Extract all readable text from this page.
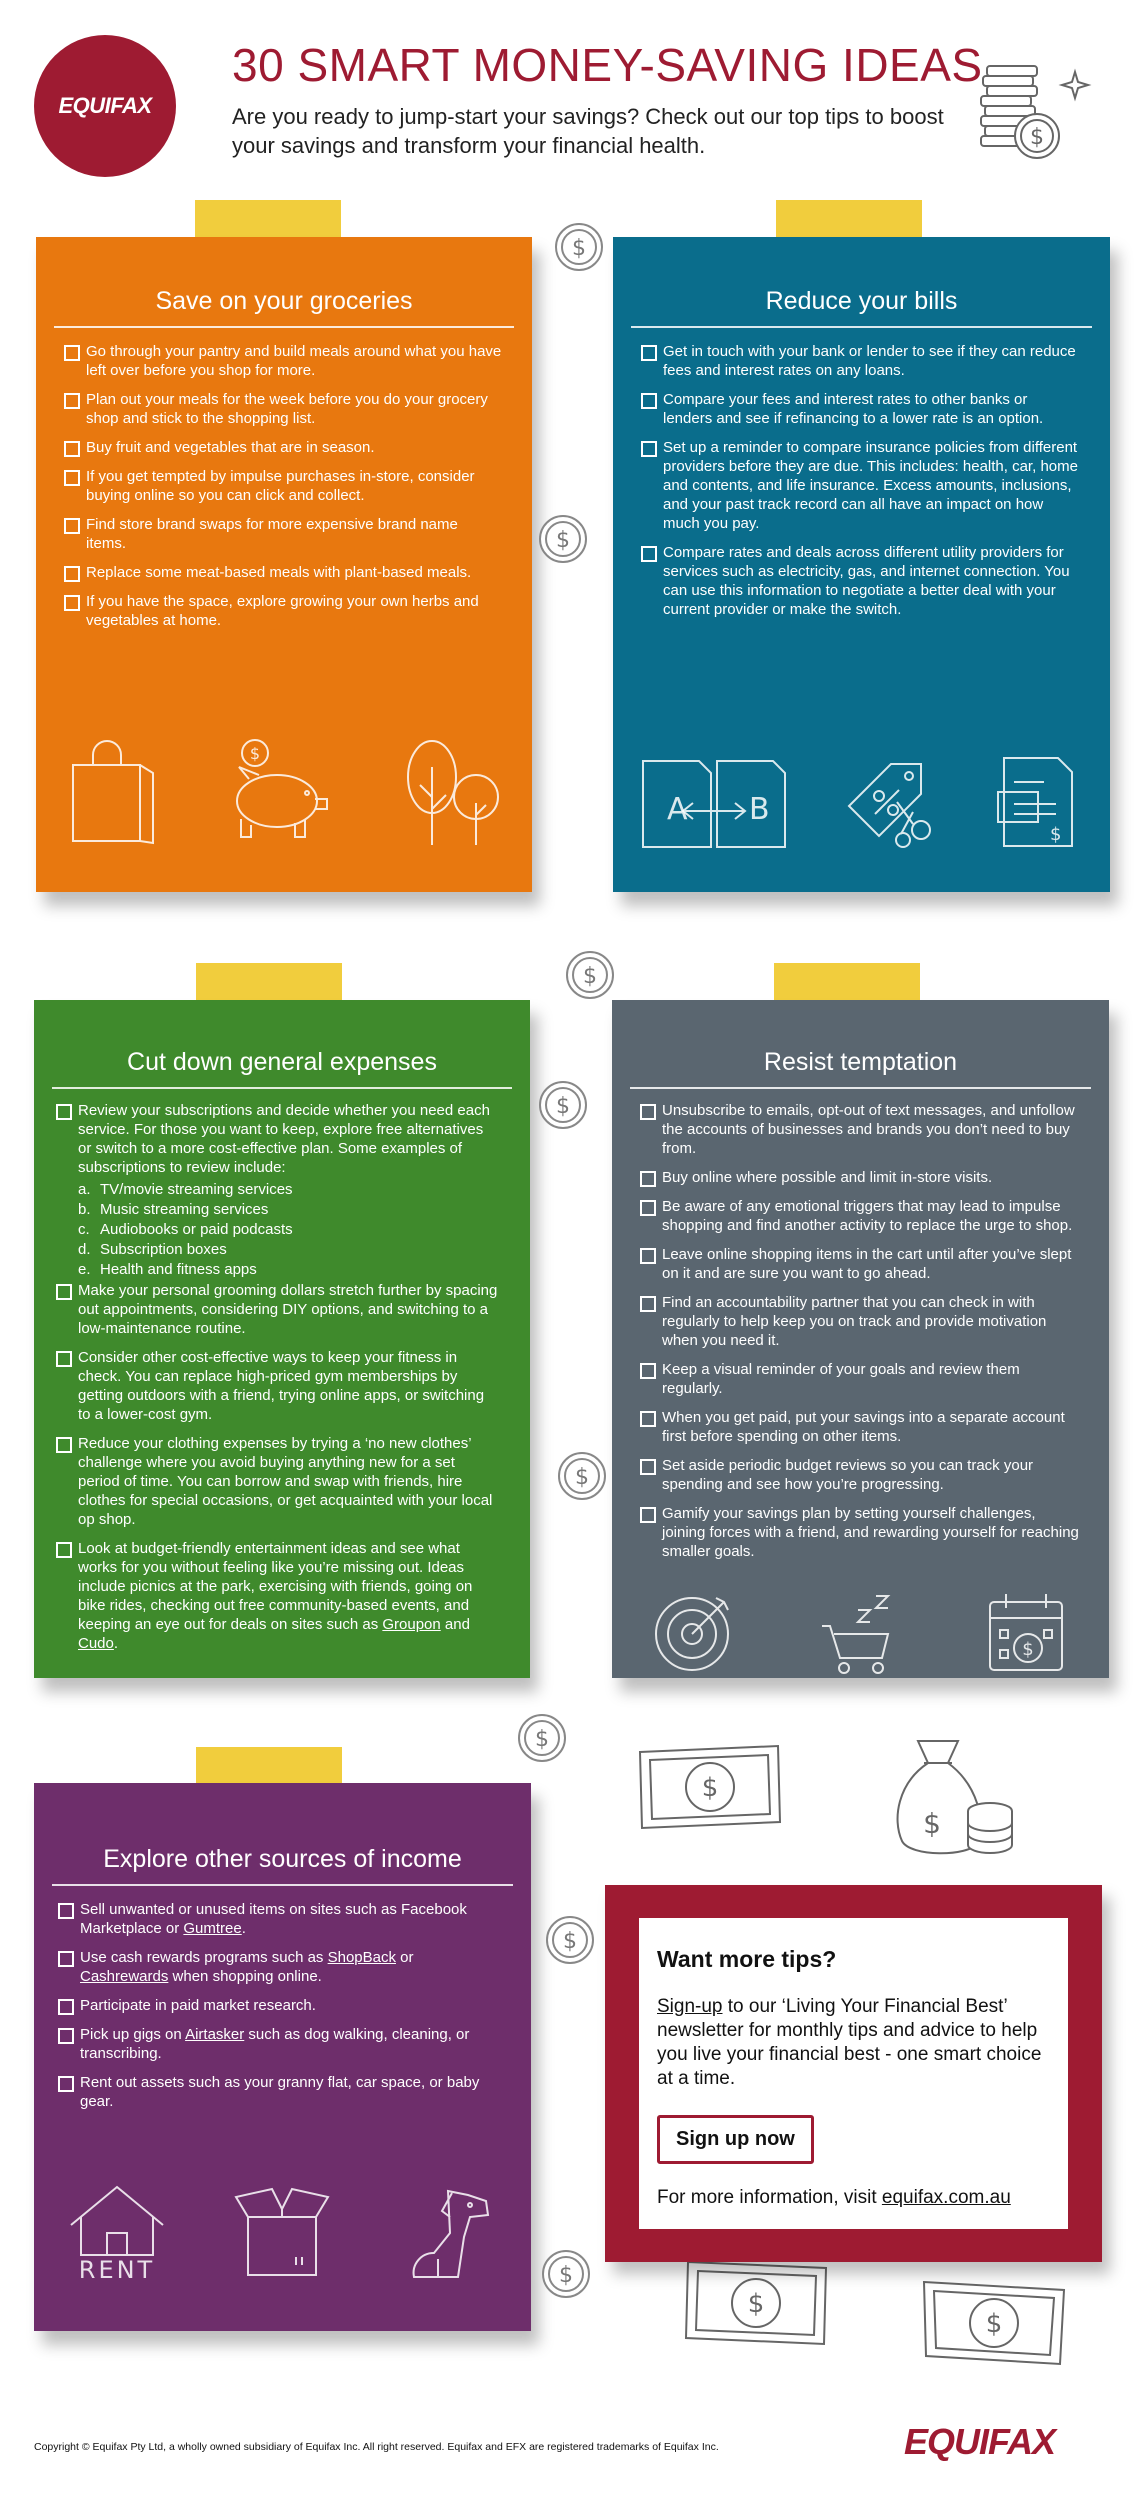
EQUIFAX
30 SMART MONEY-SAVING IDEAS
Are you ready to jump-start your savings? Check out our top tips to boost your savings and transform your financial health.	$
Save on your groceries
Go through your pantry and build meals around what you have left over before you shop for more.
Plan out your meals for the week before you do your grocery shop and stick to the shopping list.
Buy fruit and vegetables that are in season.
If you get tempted by impulse purchases in-store, consider buying online so you can click and collect.
Find store brand swaps for more expensive brand name items.
Replace some meat-based meals with plant-based meals.
If you have the space, explore growing your own herbs and vegetables at home.
$
Reduce your bills
Get in touch with your bank or lender to see if they can reduce fees and interest rates on any loans.
Compare your fees and interest rates to other banks or lenders and see if refinancing to a lower rate is an option.
Set up a reminder to compare insurance policies from different providers before they are due. This includes: health, car, home and contents, and life insurance. Excess amounts, inclusions, and your past track record can all have an impact on how much you pay.
Compare rates and deals across different utility providers for services such as electricity, gas, and internet connection. You can use this information to negotiate a better deal with your current provider or make the switch.
A B
$
Cut down general expenses
Review your subscriptions and decide whether you need each service. For those you want to keep, explore free alternatives or switch to a more cost-effective plan. Some examples of subscriptions to review include:
a. TV/movie streaming services
b. Music streaming services
c. Audiobooks or paid podcasts
d. Subscription boxes
e. Health and fitness apps
Make your personal grooming dollars stretch further by spacing out appointments, considering DIY options, and switching to a low-maintenance routine.
Consider other cost-effective ways to keep your fitness in check. You can replace high-priced gym memberships by getting outdoors with a friend, trying online apps, or switching to a lower-cost gym.
Reduce your clothing expenses by trying a ‘no new clothes’ challenge where you avoid buying anything new for a set period of time. You can borrow and swap with friends, hire clothes for special occasions, or get acquainted with your local op shop.
Look at budget-friendly entertainment ideas and see what works for you without feeling like you’re missing out. Ideas include picnics at the park, exercising with friends, going on bike rides, checking out free community-based events, and keeping an eye out for deals on sites such as Groupon and Cudo.
Resist temptation
Unsubscribe to emails, opt-out of text messages, and unfollow the accounts of businesses and brands you don’t need to buy from.
Buy online where possible and limit in-store visits.
Be aware of any emotional triggers that may lead to impulse shopping and find another activity to replace the urge to shop.
Leave online shopping items in the cart until after you’ve slept on it and are sure you want to go ahead.
Find an accountability partner that you can check in with regularly to help keep you on track and provide motivation when you need it.
Keep a visual reminder of your goals and review them regularly.
When you get paid, put your savings into a separate account first before spending on other items.
Set aside periodic budget reviews so you can track your spending and see how you’re progressing.
Gamify your savings plan by setting yourself challenges, joining forces with a friend, and rewarding yourself for reaching smaller goals.
$
Explore other sources of income
Sell unwanted or unused items on sites such as Facebook Marketplace or Gumtree.
Use cash rewards programs such as ShopBack or Cashrewards when shopping online.
Participate in paid market research.
Pick up gigs on Airtasker such as dog walking, cleaning, or transcribing.
Rent out assets such as your granny flat, car space, or baby gear.
RENT
$
$
$
$
$
$
$
$
$
$
$
$
Want more tips?

Sign-up to our ‘Living Your Financial Best’ newsletter for monthly tips and advice to help you live your financial best - one smart choice at a time.

Sign up now

For more information, visit equifax.com.au

Copyright © Equifax Pty Ltd, a wholly owned subsidiary of Equifax Inc. All right reserved. Equifax and EFX are registered trademarks of Equifax Inc.	EQUIFAX
